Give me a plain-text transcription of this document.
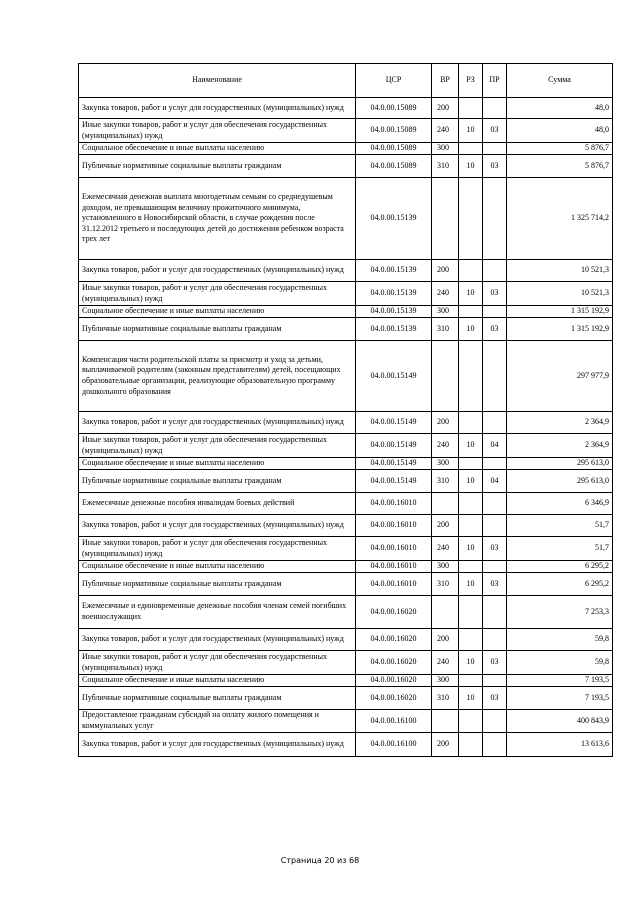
Наименование	ЦСР	ВР	РЗ	ПР	Сумма
Закупка товаров, работ и услуг для государственных (муниципальных) нужд	04.0.00.15089	200			48,0
Иные закупки товаров, работ и услуг для обеспечения государственных (муниципальных) нужд	04.0.00.15089	240	10	03	48,0
Социальное обеспечение и иные выплаты населению	04.0.00.15089	300			5 876,7
Публичные нормативные социальные выплаты гражданам	04.0.00.15089	310	10	03	5 876,7
Ежемесячная денежная выплата многодетным семьям со среднедушевым доходом, не превышающим величину прожиточного минимума, установленного в Новосибирской области, в случае рождения после 31.12.2012 третьего и последующих детей до достижения ребенком возраста трех лет	04.0.00.15139				1 325 714,2
Закупка товаров, работ и услуг для государственных (муниципальных) нужд	04.0.00.15139	200			10 521,3
Иные закупки товаров, работ и услуг для обеспечения государственных (муниципальных) нужд	04.0.00.15139	240	10	03	10 521,3
Социальное обеспечение и иные выплаты населению	04.0.00.15139	300			1 315 192,9
Публичные нормативные социальные выплаты гражданам	04.0.00.15139	310	10	03	1 315 192,9
Компенсация части родительской платы за присмотр и уход за детьми, выплачиваемой родителям (законным представителям) детей, посещающих образовательные организации, реализующие образовательную программу дошкольного образования	04.0.00.15149				297 977,9
Закупка товаров, работ и услуг для государственных (муниципальных) нужд	04.0.00.15149	200			2 364,9
Иные закупки товаров, работ и услуг для обеспечения государственных (муниципальных) нужд	04.0.00.15149	240	10	04	2 364,9
Социальное обеспечение и иные выплаты населению	04.0.00.15149	300			295 613,0
Публичные нормативные социальные выплаты гражданам	04.0.00.15149	310	10	04	295 613,0
Ежемесячные денежные пособия инвалидам боевых действий	04.0.00.16010				6 346,9
Закупка товаров, работ и услуг для государственных (муниципальных) нужд	04.0.00.16010	200			51,7
Иные закупки товаров, работ и услуг для обеспечения государственных (муниципальных) нужд	04.0.00.16010	240	10	03	51,7
Социальное обеспечение и иные выплаты населению	04.0.00.16010	300			6 295,2
Публичные нормативные социальные выплаты гражданам	04.0.00.16010	310	10	03	6 295,2
Ежемесячные и единовременные денежные пособия членам семей погибших военнослужащих	04.0.00.16020				7 253,3
Закупка товаров, работ и услуг для государственных (муниципальных) нужд	04.0.00.16020	200			59,8
Иные закупки товаров, работ и услуг для обеспечения государственных (муниципальных) нужд	04.0.00.16020	240	10	03	59,8
Социальное обеспечение и иные выплаты населению	04.0.00.16020	300			7 193,5
Публичные нормативные социальные выплаты гражданам	04.0.00.16020	310	10	03	7 193,5
Предоставление гражданам субсидий на оплату жилого помещения и коммунальных услуг	04.0.00.16100				400 843,9
Закупка товаров, работ и услуг для государственных (муниципальных) нужд	04.0.00.16100	200			13 613,6
Страница 20 из 68
